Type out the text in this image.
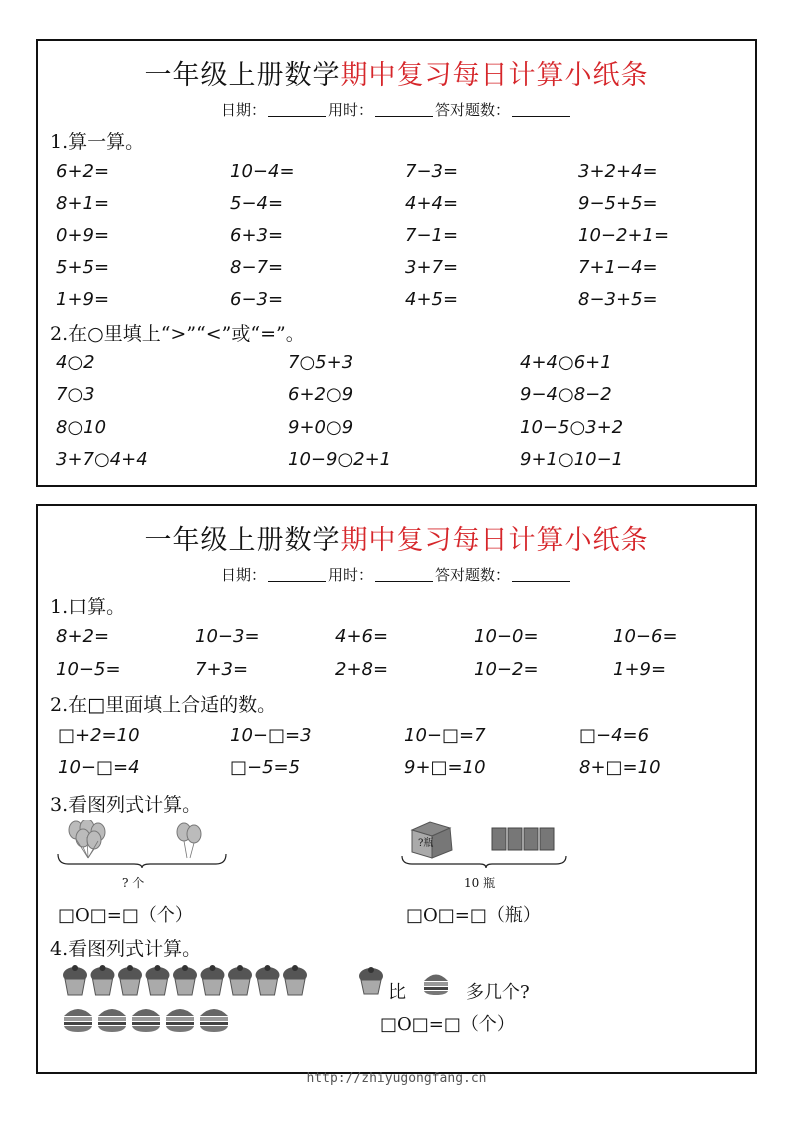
一年级上册数学期中复习每日计算小纸条
日期：	用时：	答对题数：
1.算一算。
6+2=	10−4=	7−3=	3+2+4=
8+1=	5−4=	4+4=	9−5+5=
0+9=	6+3=	7−1=	10−2+1=
5+5=	8−7=	3+7=	7+1−4=
1+9=	6−3=	4+5=	8−3+5=
2.在○里填上“>”“<”或“=”。
4○2	7○5+3	4+4○6+1
7○3	6+2○9	9−4○8−2
8○10	9+0○9	10−5○3+2
3+7○4+4	10−9○2+1	9+1○10−1
一年级上册数学期中复习每日计算小纸条
日期：	用时：	答对题数：
1.口算。
8+2=	10−3=	4+6=	10−0=	10−6=
10−5=	7+3=	2+8=	10−2=	1+9=
2.在□里面填上合适的数。
□+2=10	10−□=3	10−□=7	□−4=6
10−□=4	□−5=5	9+□=10	8+□=10
3.看图列式计算。
? 个
□O□=□（个）
?瓶
10 瓶
□O□=□（瓶）
4.看图列式计算。
比	多几个?
□O□=□（个）
http://zhiyugongfang.cn
